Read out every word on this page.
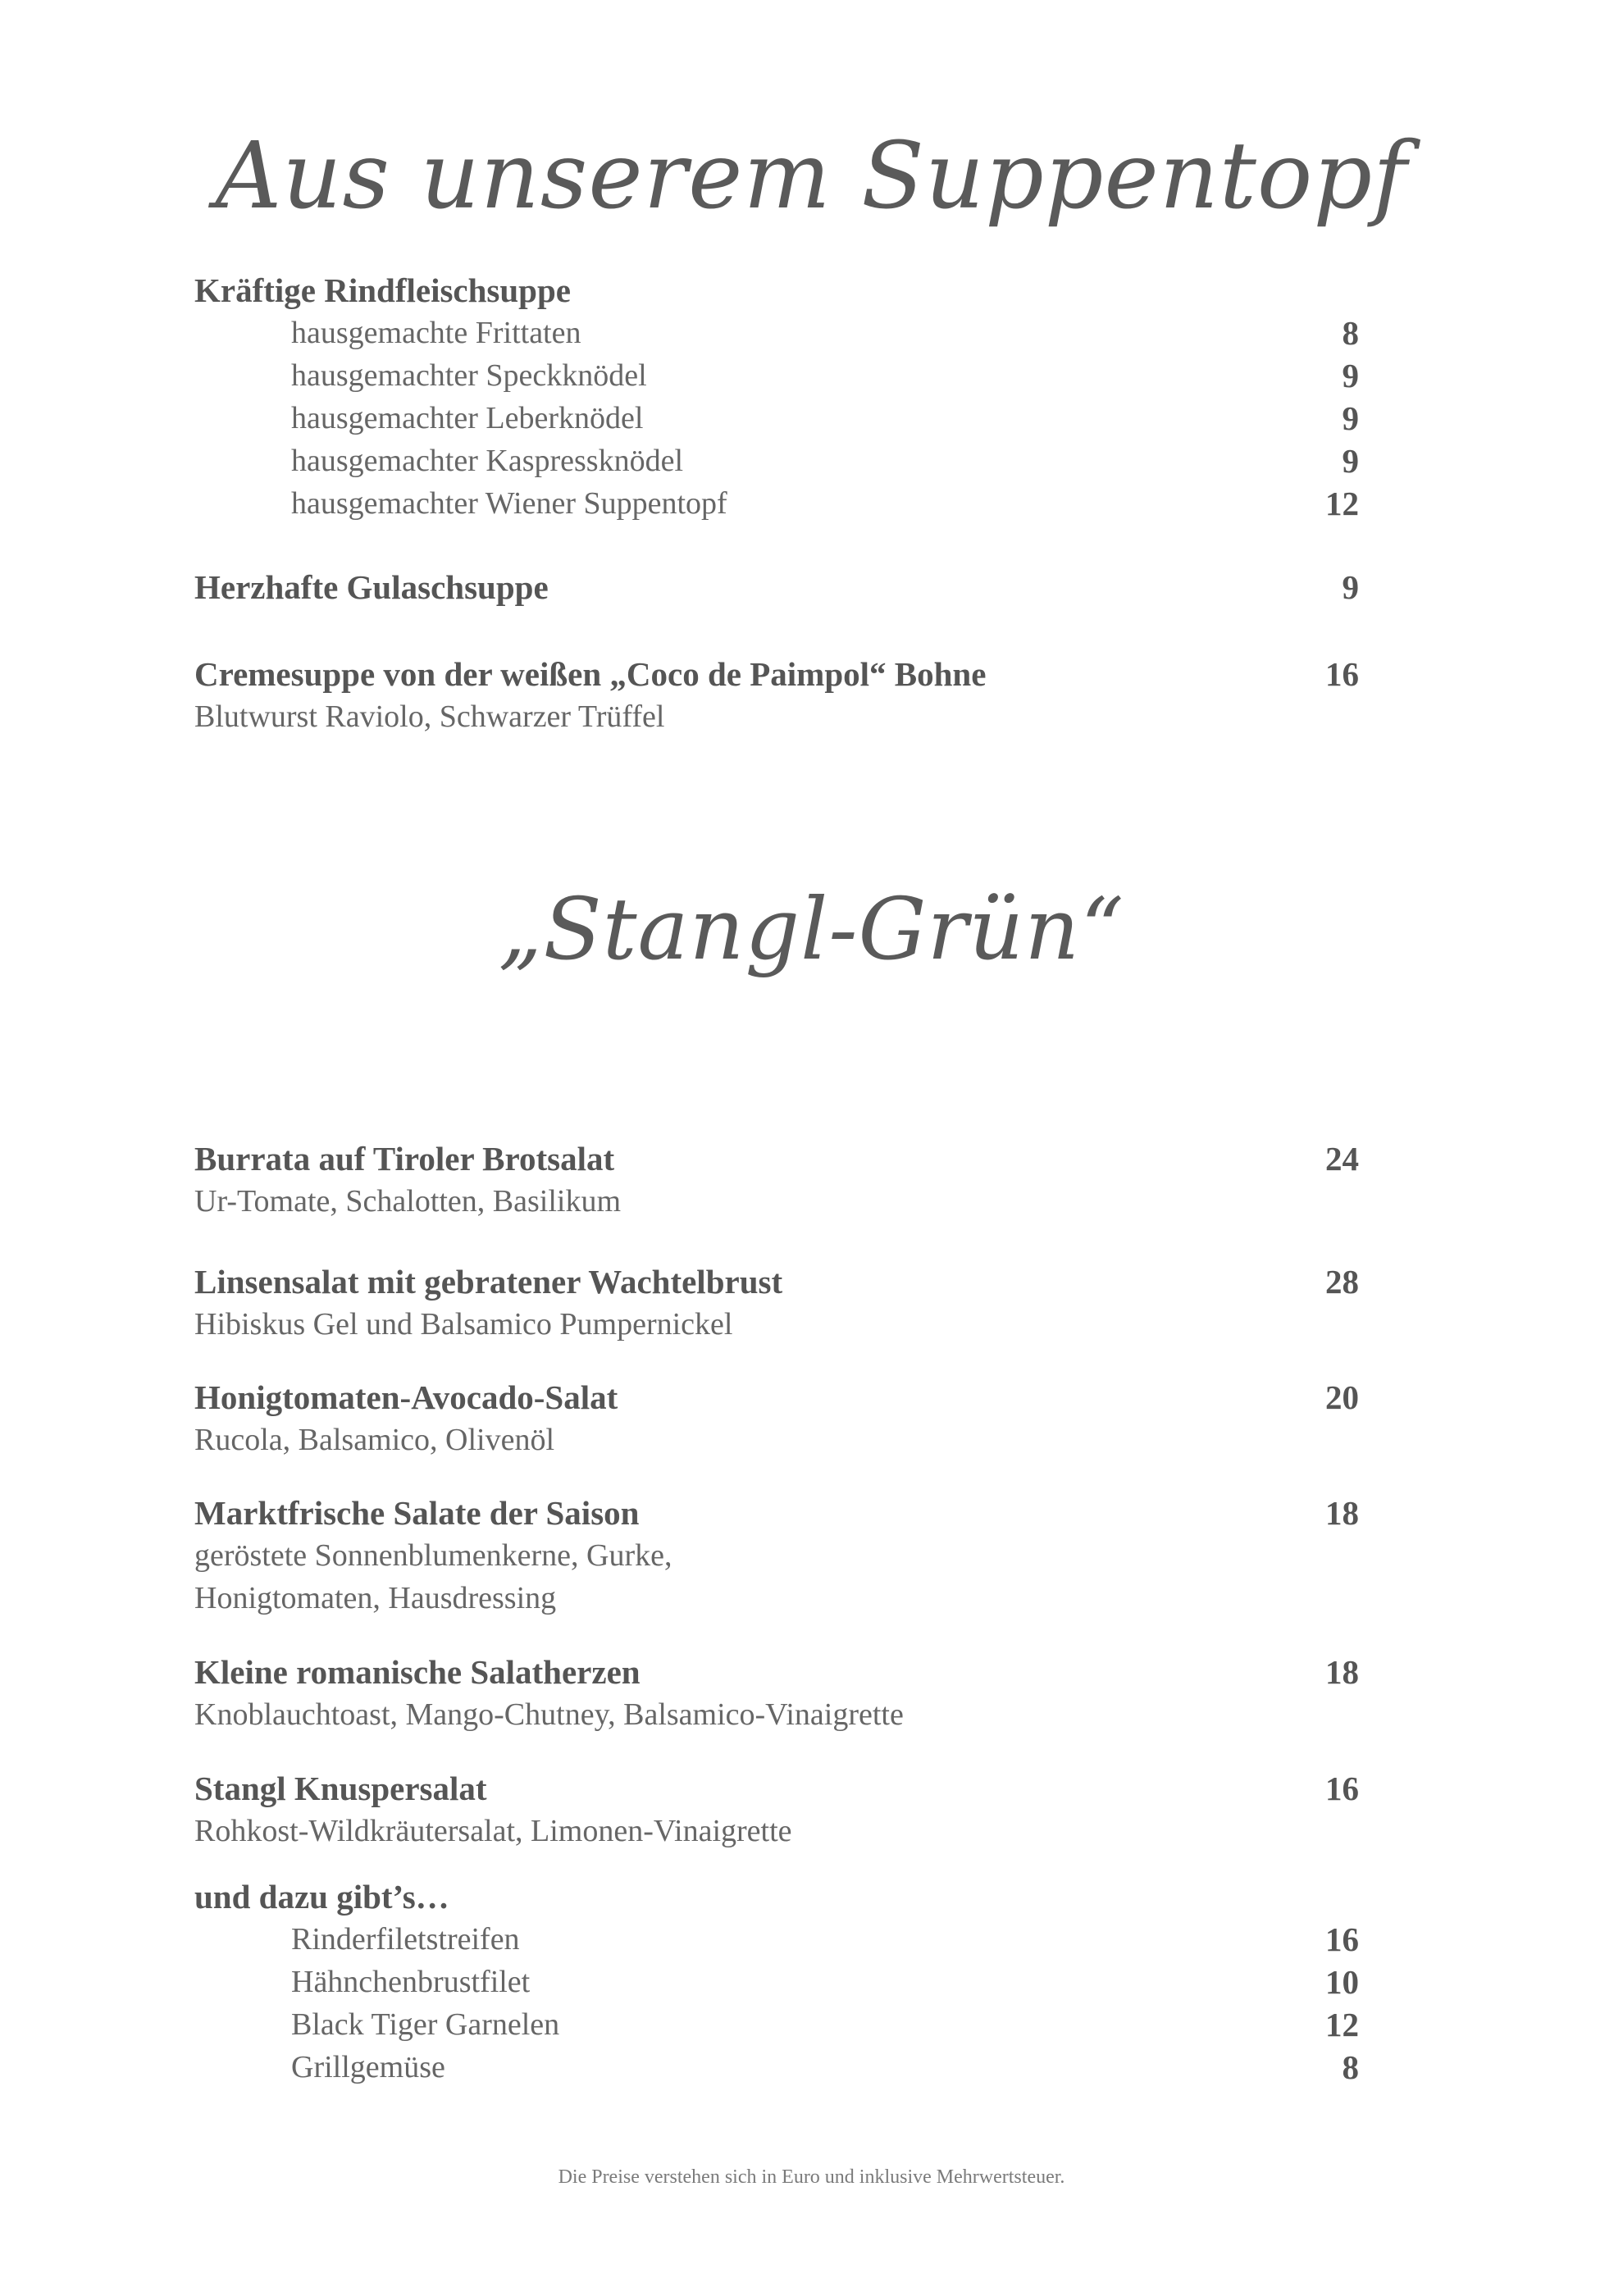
Aus unserem Suppentopf
Kräftige Rindfleischsuppe
hausgemachte Frittaten	8
hausgemachter Speckknödel	9
hausgemachter Leberknödel	9
hausgemachter Kaspressknödel	9
hausgemachter Wiener Suppentopf	12
Herzhafte Gulaschsuppe	9
Cremesuppe von der weißen „Coco de Paimpol“ Bohne	16
Blutwurst Raviolo, Schwarzer Trüffel
„Stangl-Grün“
Burrata auf Tiroler Brotsalat	24
Ur-Tomate, Schalotten, Basilikum
Linsensalat mit gebratener Wachtelbrust	28
Hibiskus Gel und Balsamico Pumpernickel
Honigtomaten-Avocado-Salat	20
Rucola, Balsamico, Olivenöl
Marktfrische Salate der Saison	18
geröstete Sonnenblumenkerne, Gurke,
Honigtomaten, Hausdressing
Kleine romanische Salatherzen	18
Knoblauchtoast, Mango-Chutney, Balsamico-Vinaigrette
Stangl Knuspersalat	16
Rohkost-Wildkräutersalat, Limonen-Vinaigrette
und dazu gibt’s…
Rinderfiletstreifen	16
Hähnchenbrustfilet	10
Black Tiger Garnelen	12
Grillgemüse	8
Die Preise verstehen sich in Euro und inklusive Mehrwertsteuer.
